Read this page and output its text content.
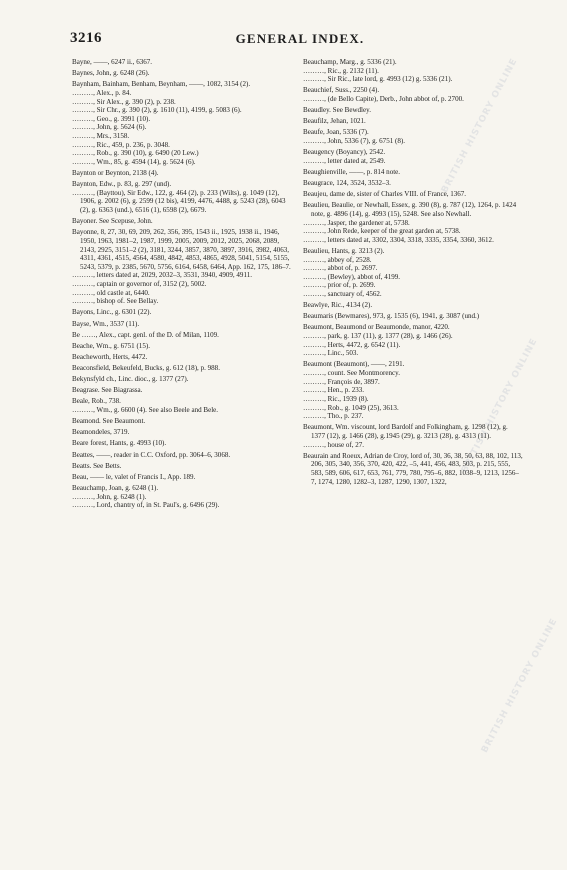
3216	GENERAL INDEX.
BRITISH HISTORY ONLINE
BRITISH HISTORY ONLINE
BRITISH HISTORY ONLINE
Bayne, ——, 6247 ii., 6367.
Baynes, John, g. 6248 (26).
Baynham, Bainham, Benham, Beynham, ——, 1082, 3154 (2).
………, Alex., p. 84.
………, Sir Alex., g. 390 (2), p. 238.
………, Sir Chr., g. 390 (2), g. 1610 (11), 4199, g. 5083 (6).
………, Geo., g. 3991 (10).
………, John, g. 5624 (6).
………, Mrs., 3158.
………, Ric., 459, p. 236, p. 3048.
………, Rob., g. 390 (10), g. 6490 (20 Lew.)
………, Wm., 85, g. 4594 (14), g. 5624 (6).
Baynton or Beynton, 2138 (4).
Baynton, Edw., p. 83, g. 297 (und).
………, (Bayttou), Sir Edw., 122, g. 464 (2), p. 233 (Wilts), g. 1049 (12), 1906, g. 2002 (6), g. 2599 (12 bis), 4199, 4476, 4488, g. 5243 (28), 6043 (2), g. 6363 (und.), 6516 (1), 6598 (2), 6679.
Bayoner. See Scepuse, John.
Bayonne, 8, 27, 30, 69, 209, 262, 356, 395, 1543 ii., 1925, 1938 ii., 1946, 1950, 1963, 1981–2, 1987, 1999, 2005, 2009, 2012, 2025, 2068, 2089, 2143, 2925, 3151–2 (2), 3181, 3244, 3857, 3870, 3897, 3916, 3982, 4063, 4311, 4361, 4515, 4564, 4580, 4842, 4853, 4865, 4928, 5041, 5154, 5155, 5243, 5379, p. 2385, 5670, 5756, 6164, 6458, 6464, App. 162, 175, 186–7.
………, letters dated at, 2029, 2032–3, 3531, 3940, 4909, 4911.
………, captain or governor of, 3152 (2), 5002.
………, old castle at, 6440.
………, bishop of. See Bellay.
Bayons, Linc., g. 6301 (22).
Bayse, Wm., 3537 (11).
Be ……, Alex., capt. genl. of the D. of Milan, 1109.
Beache, Wm., g. 6751 (15).
Beacheworth, Herts, 4472.
Beaconsfield, Bekeufeld, Bucks, g. 612 (18), p. 988.
Bekynsfyld ch., Linc. dioc., g. 1377 (27).
Beagrase. See Biagrassa.
Beale, Rob., 738.
………, Wm., g. 6600 (4). See also Beele and Bele.
Beamond. See Beaumont.
Beamondeles, 3719.
Beare forest, Hants, g. 4993 (10).
Beattes, ——, reader in C.C. Oxford, pp. 3064–6, 3068.
Beatts. See Betts.
Beau, —— le, valet of Francis I., App. 189.
Beauchamp, Joan, g. 6248 (1).
………, John, g. 6248 (1).
………, Lord, chantry of, in St. Paul's, g. 6496 (29).
Beauchamp, Marg., g. 5336 (21).
………, Ric., g. 2132 (11).
………, Sir Ric., late lord, g. 4993 (12) g. 5336 (21).
Beauchief, Suss., 2250 (4).
………, (de Bello Capite), Derb., John abbot of, p. 2700.
Beaudley. See Bewdley.
Beaufilz, Jehan, 1021.
Beaufe, Joan, 5336 (7).
………, John, 5336 (7), g. 6751 (8).
Beaugency (Boyancy), 2542.
………, letter dated at, 2549.
Beaughienville, ——, p. 814 note.
Beaugrace, 124, 3524, 3532–3.
Beaujeu, dame de, sister of Charles VIII. of France, 1367.
Beaulieu, Beaulie, or Newhall, Essex, g. 390 (8), g. 787 (12), 1264, p. 1424 note, g. 4896 (14), g. 4993 (15), 5248. See also Newhall.
………, Jasper, the gardener at, 5738.
………, John Rede, keeper of the great garden at, 5738.
………, letters dated at, 3302, 3304, 3318, 3335, 3354, 3360, 3612.
Beaulieu, Hants, g. 3213 (2).
………, abbey of, 2528.
………, abbot of, p. 2697.
………, (Bewley), abbot of, 4199.
………, prior of, p. 2699.
………, sanctuary of, 4562.
Beawlye, Ric., 4134 (2).
Beaumaris (Bewmares), 973, g. 1535 (6), 1941, g. 3087 (und.)
Beaumont, Beaumond or Beaumonde, manor, 4220.
………, park, g. 137 (11), g. 1377 (28), g. 1466 (26).
………, Herts, 4472, g. 6542 (11).
………, Linc., 503.
Beaumont (Beaumont), ——, 2191.
………, count. See Montmorency.
………, François de, 3897.
………, Hen., p. 233.
………, Ric., 1939 (8).
………, Rob., g. 1049 (25), 3613.
………, Tho., p. 237.
Beaumont, Wm. viscount, lord Bardolf and Folkingham, g. 1298 (12), g. 1377 (12), g. 1466 (28), g.1945 (29), g. 3213 (28), g. 4313 (11).
………, house of, 27.
Beaurain and Roeux, Adrian de Croy, lord of, 30, 36, 38, 50, 63, 88, 102, 113, 206, 305, 340, 356, 370, 420, 422, –5, 441, 456, 483, 503, p. 215, 555, 583, 589, 606, 617, 653, 761, 779, 780, 795–6, 882, 1038–9, 1213, 1256–7, 1274, 1280, 1282–3, 1287, 1290, 1307, 1322,
